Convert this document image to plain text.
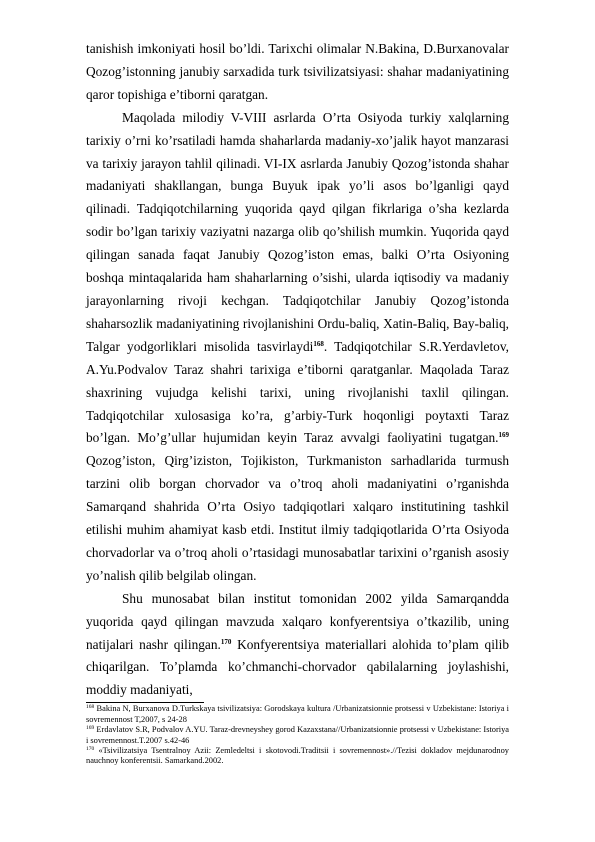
tanishish imkoniyati hosil bo’ldi. Tarixchi olimalar N.Bakina, D.Burxanovalar Qozog’istonning janubiy sarxadida turk tsivilizatsiyasi: shahar madaniyatining qaror topishiga e’tiborni qaratgan.

Maqolada milodiy V-VIII asrlarda O’rta Osiyoda turkiy xalqlarning tarixiy o’rni ko’rsatiladi hamda shaharlarda madaniy-xo’jalik hayot manzarasi va tarixiy jarayon tahlil qilinadi. VI-IX asrlarda Janubiy Qozog’istonda shahar madaniyati shakllangan, bunga Buyuk ipak yo’li asos bo’lganligi qayd qilinadi. Tadqiqotchilarning yuqorida qayd qilgan fikrlariga o’sha kezlarda sodir bo’lgan tarixiy vaziyatni nazarga olib qo’shilish mumkin. Yuqorida qayd qilingan sanada faqat Janubiy Qozog’iston emas, balki O’rta Osiyoning boshqa mintaqalarida ham shaharlarning o’sishi, ularda iqtisodiy va madaniy jarayonlarning rivoji kechgan. Tadqiqotchilar Janubiy Qozog’istonda shaharsozlik madaniyatining rivojlanishini Ordu-baliq, Xatin-Baliq, Bay-baliq, Talgar yodgorliklari misolida tasvirlaydi$^{168}$. Tadqiqotchilar S.R.Yerdavletov, A.Yu.Podvalov Taraz shahri tarixiga e’tiborni qaratganlar. Maqolada Taraz shaxrining vujudga kelishi tarixi, uning rivojlanishi taxlil qilingan. Tadqiqotchilar xulosasiga ko’ra, g’arbiy-Turk hoqonligi poytaxti Taraz bo’lgan. Mo’g’ullar hujumidan keyin Taraz avvalgi faoliyatini tugatgan.$^{169}$ Qozog’iston, Qirg’iziston, Tojikiston, Turkmaniston sarhadlarida turmush tarzini olib borgan chorvador va o’troq aholi madaniyatini o’rganishda Samarqand shahrida O’rta Osiyo tadqiqotlari xalqaro institutining tashkil etilishi muhim ahamiyat kasb etdi. Institut ilmiy tadqiqotlarida O’rta Osiyoda chorvadorlar va o’troq aholi o’rtasidagi munosabatlar tarixini o’rganish asosiy yo’nalish qilib belgilab olingan.

Shu munosabat bilan institut tomonidan 2002 yilda Samarqandda yuqorida qayd qilingan mavzuda xalqaro konfyerentsiya o’tkazilib, uning natijalari nashr qilingan.$^{170}$ Konfyerentsiya materiallari alohida to’plam qilib chiqarilgan. To’plamda ko’chmanchi-chorvador qabilalarning joylashishi, moddiy madaniyati,

$^{168}$ Bakina N, Burxanova D.Turkskaya tsivilizatsiya: Gorodskaya kultura /Urbanizatsionnie protsessi v Uzbekistane: Istoriya i sovremennost T,2007, s 24-28

$^{169}$ Erdavlatov S.R, Podvalov A.YU. Taraz-drevneyshey gorod Kazaxstana//Urbanizatsionnie protsessi v Uzbekistane: Istoriya i sovremennost.T.2007 s.42-46

$^{170}$ «Tsivilizatsiya Tsentralnoy Azii: Zemledeltsi i skotovodi.Traditsii i sovremennost».//Tezisi dokladov mejdunarodnoy nauchnoy konferentsii. Samarkand.2002.
